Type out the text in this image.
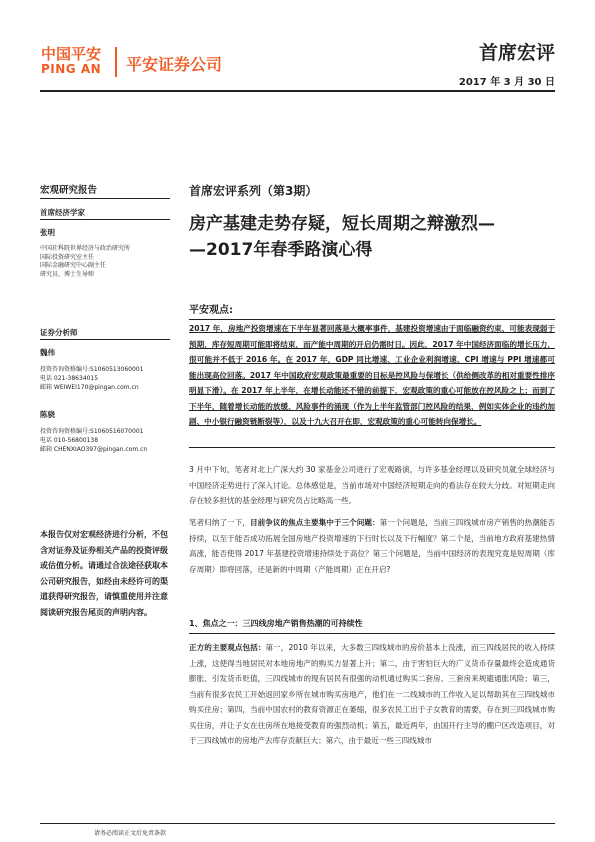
中国平安
PING AN 平安证券公司
首席宏评
2017 年 3 月 30 日
宏观研究报告
首席经济学家
张明
中国社科院世界经济与政治研究所
国际投资研究室主任
国际金融研究中心副主任
研究员、博士生导师
证券分析师
魏伟
投资咨询资格编号:S1060513060001
电话 021-38634015
邮箱 WEIWEI170@pingan.com.cn
陈骁
投资咨询资格编号:S1060516070001
电话 010-56800138
邮箱 CHENXIAO397@pingan.com.cn
本报告仅对宏观经济进行分析，不包含对证券及证券相关产品的投资评级或估值分析。请通过合法途径获取本公司研究报告，如经由未经许可的渠道获得研究报告，请慎重使用并注意阅读研究报告尾页的声明内容。
首席宏评系列（第3期）
房产基建走势存疑，短长周期之辩激烈—
—2017年春季路演心得
平安观点:
2017 年，房地产投资增速在下半年显著回落是大概率事件，基建投资增速由于面临融资约束、可能表现弱于预期，库存短周期可能即将结束，而产能中周期的开启仍需时日。因此，2017 年中国经济面临的增长压力，很可能并不低于 2016 年。在 2017 年，GDP 同比增速、工业企业利润增速、CPI 增速与 PPI 增速都可能出现高位回落。2017 年中国政府宏观政策最重要的目标是控风险与保增长（供给侧改革的相对重要性排序明显下滑）。在 2017 年上半年，在增长动能还不错的前提下，宏观政策的重心可能放在控风险之上；而到了下半年，随着增长动能的放缓、风险事件的涌现（作为上半年监管部门控风险的结果，例如实体企业的违约加剧、中小银行融资链断裂等），以及十九大召开在即，宏观政策的重心可能转向保增长。
3 月中下旬，笔者对北上广深大约 30 家基金公司进行了宏观路演，与许多基金经理以及研究员就全球经济与中国经济走势进行了深入讨论。总体感觉是，当前市场对中国经济短期走向的看法存在较大分歧。对短期走向存在较多担忧的基金经理与研究员占比略高一些。
笔者归纳了一下，目前争议的焦点主要集中于三个问题：第一个问题是，当前三四线城市房产销售的热潮能否持续，以至于能否成功拓展全国房地产投资增速的下行时长以及下行幅度？第二个是，当前地方政府基建热情高涨，能否使得 2017 年基建投资增速持续处于高位？第三个问题是，当前中国经济的表现究竟是短周期（库存周期）即将回落，还是新的中周期（产能周期）正在开启?
1、焦点之一：三四线房地产销售热潮的可持续性
正方的主要观点包括：第一，2010 年以来，大多数三四线城市的房价基本上没涨，而三四线居民的收入持续上涨，这使得当地居民对本地房地产的购买力显著上升；第二，由于害怕巨大的广义货币存量最终会造成通货膨胀、引发货币贬值，三四线城市的现有居民有很强的动机通过购买二套房、三套房来规避通胀风险；第三，当前有很多农民工开始返回家乡所在城市购买房地产，他们在一二线城市的工作收入足以帮助其在三四线城市购买住房；第四，当前中国农村的教育资源正在萎缩，很多农民工出于子女教育的需要，存在到三四线城市购买住房，并让子女在住房所在地接受教育的强烈动机；第五，最近两年，由国开行主导的棚户区改造项目，对于三四线城市的房地产去库存贡献巨大；第六，由于最近一些三四线城市
请务必阅读正文后免责条款
